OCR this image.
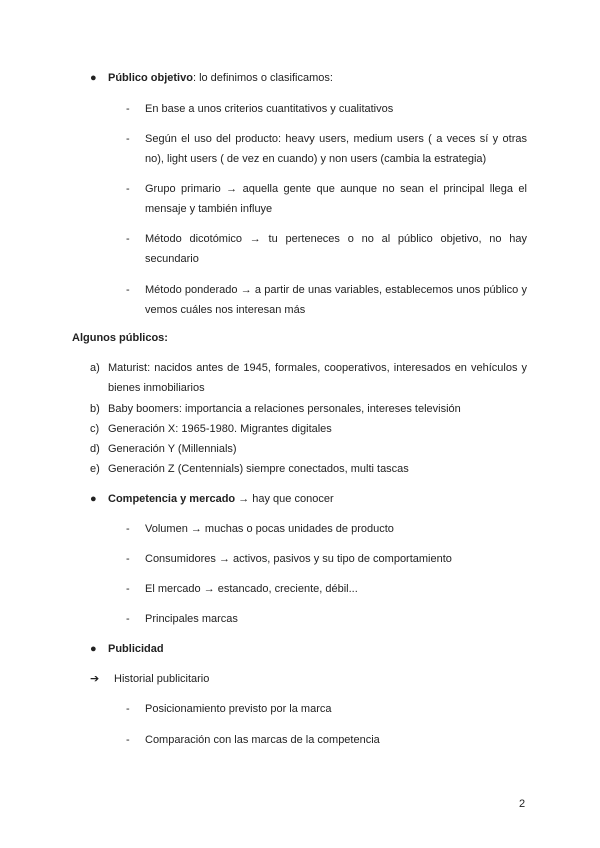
● Público objetivo: lo definimos o clasificamos:
- En base a unos criterios cuantitativos y cualitativos
- Según el uso del producto: heavy users, medium users ( a veces sí y otras no), light users ( de vez en cuando) y non users (cambia la estrategia)
- Grupo primario → aquella gente que aunque no sean el principal llega el mensaje y también influye
- Método dicotómico → tu perteneces o no al público objetivo, no hay secundario
- Método ponderado → a partir de unas variables, establecemos unos público y vemos cuáles nos interesan más
Algunos públicos:
a) Maturist: nacidos antes de 1945, formales, cooperativos, interesados en vehículos y bienes inmobiliarios
b) Baby boomers: importancia a relaciones personales, intereses televisión
c) Generación X: 1965-1980. Migrantes digitales
d) Generación Y (Millennials)
e) Generación Z (Centennials) siempre conectados, multi tascas
● Competencia y mercado → hay que conocer
- Volumen → muchas o pocas unidades de producto
- Consumidores → activos, pasivos y su tipo de comportamiento
- El mercado → estancado, creciente, débil...
- Principales marcas
● Publicidad
➔ Historial publicitario
- Posicionamiento previsto por la marca
- Comparación con las marcas de la competencia
2
